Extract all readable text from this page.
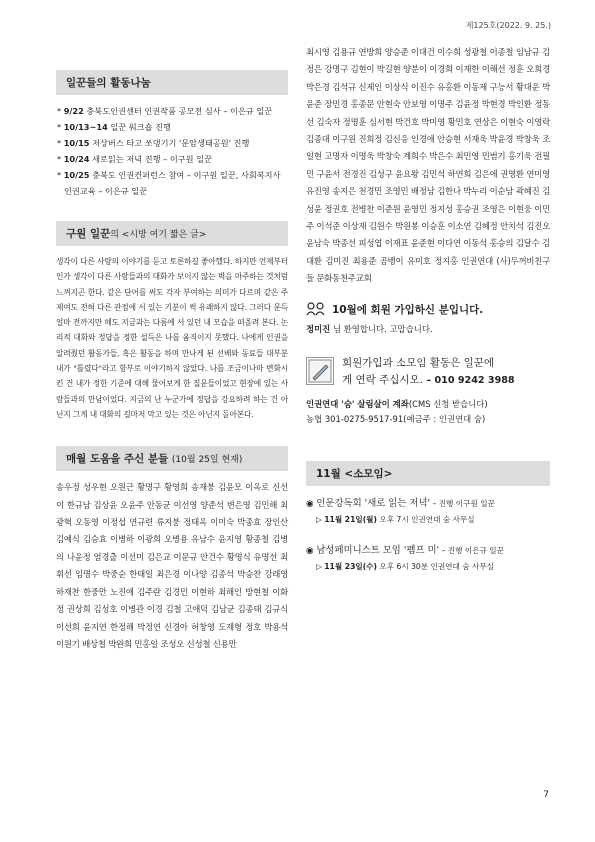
제125호(2022. 9. 25.)
일꾼들의 활동나눔
* 9/22 충북도인권센터 인권작품 공모전 심사 – 이은규 일꾼
* 10/13~14 일꾼 워크숍 진행
* 10/15 저상버스 타고 쏘댕기기 '문암생태공원' 진행
* 10/24 새로읽는 저녁 진행 – 이구원 일꾼
* 10/25 충북도 인권컨퍼런스 참여 – 이구원 일꾼, 사회복지사 인권교육 – 이은규 일꾼
구원 일꾼의 <시방 여기 짧은 글>
생각이 다른 사람의 이야기를 듣고 토론하길 좋아했다. 하지만 언제부터인가 생각이 다른 사람들과의 대화가 보이지 않는 벽을 마주하는 것처럼 느껴지곤 한다. 같은 단어를 써도 각자 부여하는 의미가 다르며 같은 주제여도 전혀 다른 관점에 서 있는 기분이 썩 유쾌하지 않다. 그러다 문득 얼마 전까지만 해도 지금과는 다름에 서 있던 내 모습을 떠올려 본다. 논리적 대화와 정답을 정한 설득은 나를 움직이지 못했다. 나에게 인권을 알려줬던 활동가들, 혹은 활동을 하며 만나게 된 선배와 동료들 대부분 내가 "틀렸다"라고 함부로 이야기하지 않았다. 나를 조금이나마 변화시킨 건 내가 정한 기준에 대해 물어보게 한 질문들이었고 현장에 있는 사람들과의 만남이었다. 지금의 난 누군가에 정답을 강요하려 하는 건 아닌지 그게 내 대화의 길마저 막고 있는 것은 아닌지 돌아본다.
매월 도움을 주신 분들 (10월 25일 현재)
송우정 성우현 오원근 황명구 황영희 송재붕 김윤모 이옥로 신선이 한규남 김상윤 오윤주 안동균 이선영 양준석 변은영 김민해 최광혁 오동영 이정섭 연규련 류지붕 정태옥 이미숙 박종효 장인산 김예식 김승효 이병하 이광희 오병용 유남수 윤지영 황종철 김병의 나윤정 엄경출 이선미 김은교 이문규 안건수 황명식 유명선 최휘선 임명수 박중순 한태일 최은경 이나양 김종석 박승찬 강래영 하재찬 한중만 노진애 김주란 김경민 이현하 최해인 방현철 이화정 권상희 김성호 이병관 이경 김철 고애덕 김남균 김종태 김규식 이선희 윤지연 한정해 박정연 신경아 허창영 도재형 정호 박용석 이원기 배상철 박완희 민홍일 조성오 신성철 신용만
최시영 김용규 연방희 양승준 이대건 이수희 성광철 이종철 임남규 김정은 강명구 김현이 박길현 양분이 이경희 이재한 이해선 정훈 오희경 박은경 김석규 신제인 이상식 이진수 유홍환 이동제 구능서 황대운 박윤준 장민경 홍종문 안현숙 안보영 이명주 김윤정 박현경 박인환 정동선 김숙자 정명훈 심서현 박건호 박미영 황민호 연상은 이현숙 이영락 김종대 이구원 진희정 김신응 인경애 안승현 서재욱 박윤경 박창욱 조일현 고명자 이명욱 박창숙 계희수 박은수 최민영 민범기 홍기욱 전필민 구윤서 전경진 김성구 윤요왕 김민석 하연희 김은애 권영환 연미영 유진영 송지은 천경민 조영민 배정남 김한나 박누리 이순남 곽혜진 김성윤 정권호 전병찬 이준원 윤영민 정지성 홍승권 조영은 이현웅 이민주 이석준 이상재 김원수 박원봉 이승훈 이소연 김혜정 안치석 김진오 윤남숙 박종선 피성엽 이재표 윤준현 이다연 이동석 홍승의 김달수 김대환 김미진 최용준 곰뱅이 유미호 정지홍 인권연대 (사)두꺼비친구들 문화동천주교회
10월에 회원 가입하신 분입니다.
정미진 님 환영합니다. 고맙습니다.
회원가입과 소모임 활동은 일꾼에
게 연락 주십시오. – 010 9242 3988
인권연대 '숨' 살림살이 계좌(CMS 신청 받습니다)
농협 301-0275-9517-91(예금주 : 인권연대 숨)
11월 <소모임>
◉ 인문강독회 '새로 읽는 저녁' – 진행 이구원 일꾼
▷ 11월 21일(월) 오후 7시 인권연대 숨 사무실
◉ 남성페미니스트 모임 '펨프 미' – 진행 이은규 일꾼
▷ 11월 23일(수) 오후 6시 30분 인권연대 숨 사무실
7
